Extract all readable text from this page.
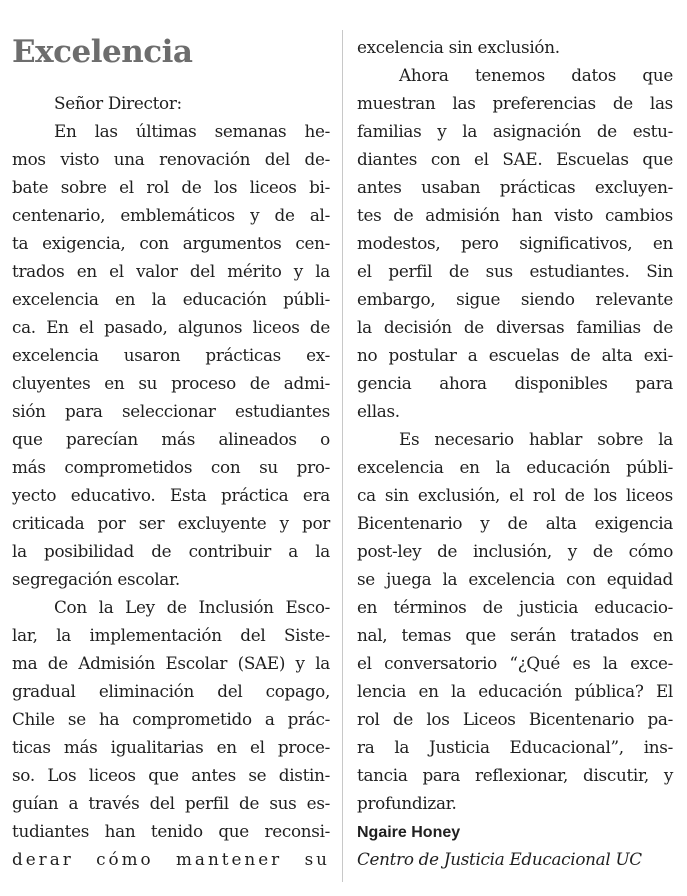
Excelencia
Señor Director:
En las últimas semanas he-
mos visto una renovación del de-
bate sobre el rol de los liceos bi-
centenario, emblemáticos y de al-
ta exigencia, con argumentos cen-
trados en el valor del mérito y la
excelencia en la educación públi-
ca. En el pasado, algunos liceos de
excelencia usaron prácticas ex-
cluyentes en su proceso de admi-
sión para seleccionar estudiantes
que parecían más alineados o
más comprometidos con su pro-
yecto educativo. Esta práctica era
criticada por ser excluyente y por
la posibilidad de contribuir a la
segregación escolar.
Con la Ley de Inclusión Esco-
lar, la implementación del Siste-
ma de Admisión Escolar (SAE) y la
gradual eliminación del copago,
Chile se ha comprometido a prác-
ticas más igualitarias en el proce-
so. Los liceos que antes se distin-
guían a través del perfil de sus es-
tudiantes han tenido que reconsi-
derar cómo mantener su
excelencia sin exclusión.
Ahora tenemos datos que
muestran las preferencias de las
familias y la asignación de estu-
diantes con el SAE. Escuelas que
antes usaban prácticas excluyen-
tes de admisión han visto cambios
modestos, pero significativos, en
el perfil de sus estudiantes. Sin
embargo, sigue siendo relevante
la decisión de diversas familias de
no postular a escuelas de alta exi-
gencia ahora disponibles para
ellas.
Es necesario hablar sobre la
excelencia en la educación públi-
ca sin exclusión, el rol de los liceos
Bicentenario y de alta exigencia
post-ley de inclusión, y de cómo
se juega la excelencia con equidad
en términos de justicia educacio-
nal, temas que serán tratados en
el conversatorio “¿Qué es la exce-
lencia en la educación pública? El
rol de los Liceos Bicentenario pa-
ra la Justicia Educacional”, ins-
tancia para reflexionar, discutir, y
profundizar.
Ngaire Honey
Centro de Justicia Educacional UC
